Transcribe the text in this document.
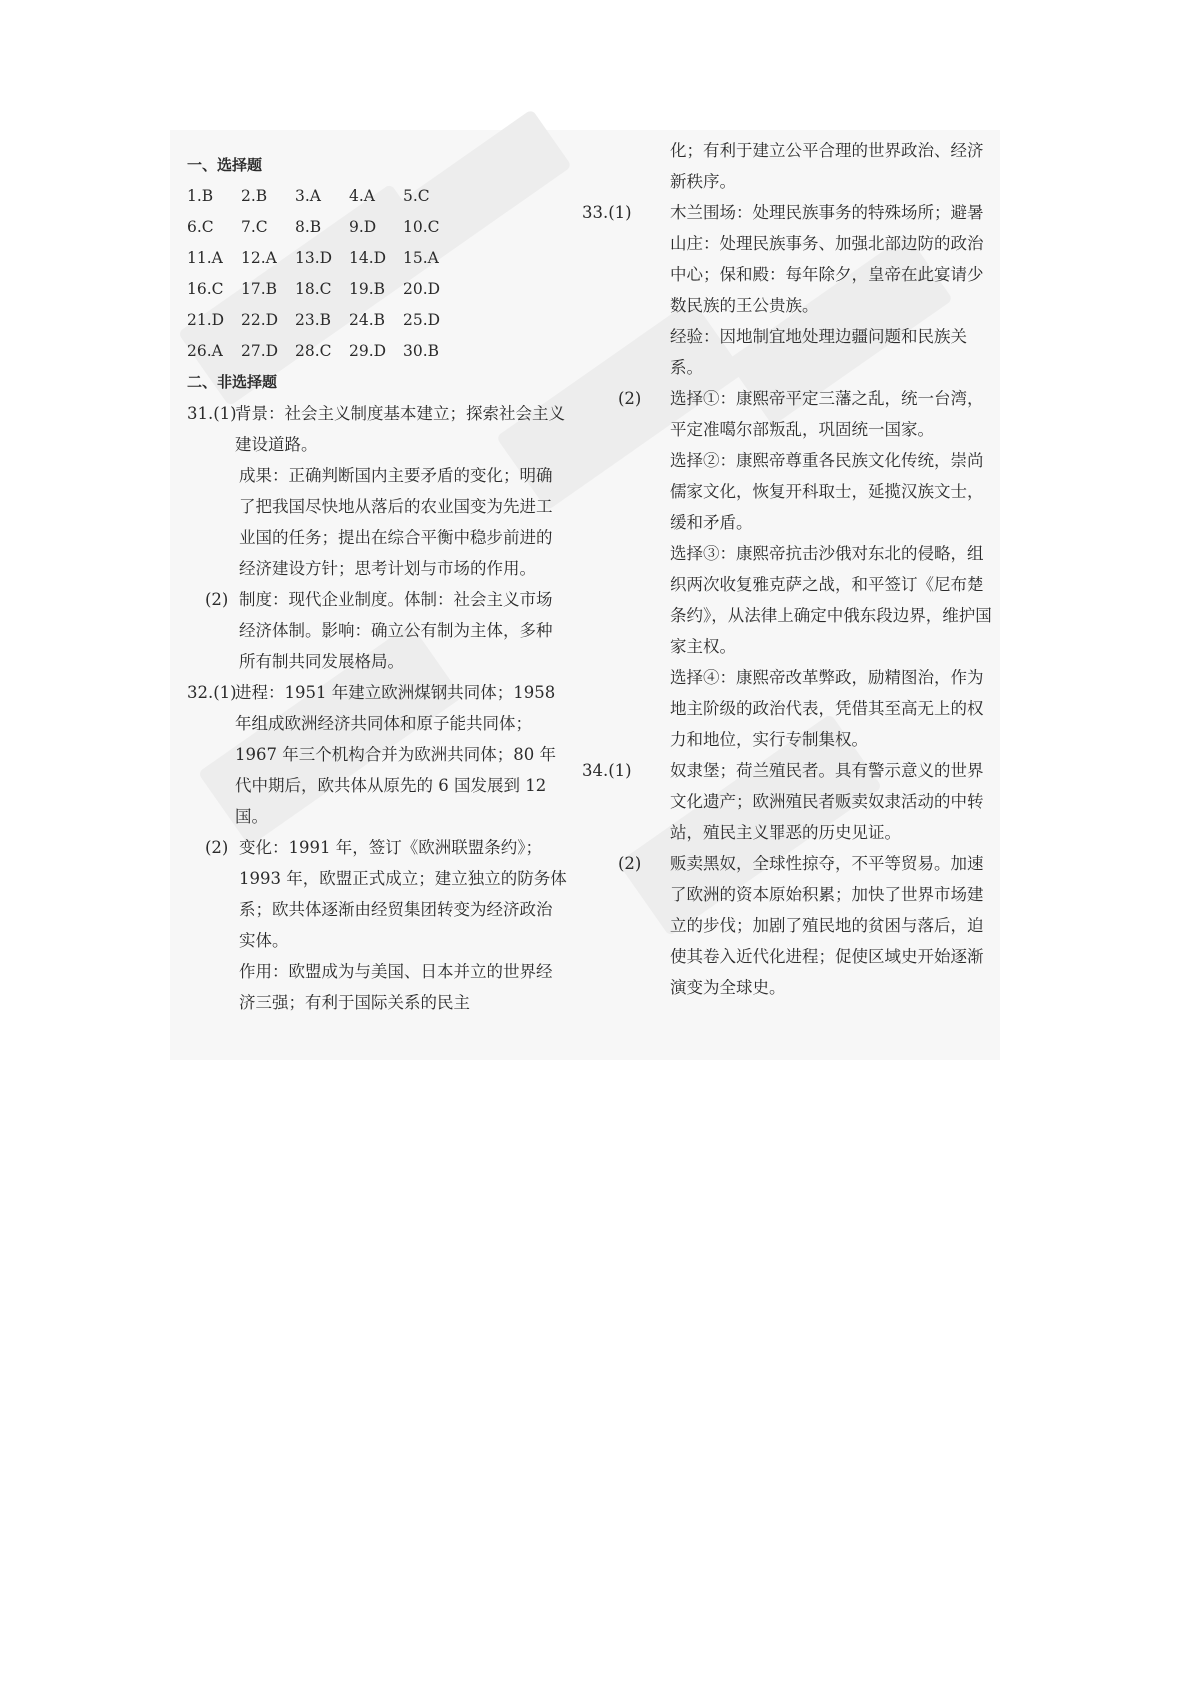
一、选择题
1.B	2.B	3.A	4.A	5.C
6.C	7.C	8.B	9.D	10.C
11.A	12.A	13.D	14.D	15.A
16.C	17.B	18.C	19.B	20.D
21.D	22.D	23.B	24.B	25.D
26.A	27.D	28.C	29.D	30.B
二、非选择题
31.(1)

背景：社会主义制度基本建立；探索社会主义建设道路。

成果：正确判断国内主要矛盾的变化；明确了把我国尽快地从落后的农业国变为先进工业国的任务；提出在综合平衡中稳步前进的经济建设方针；思考计划与市场的作用。

(2) 制度：现代企业制度。体制：社会主义市场经济体制。影响：确立公有制为主体，多种所有制共同发展格局。

32.(1)

进程：1951 年建立欧洲煤钢共同体；1958 年组成欧洲经济共同体和原子能共同体；1967 年三个机构合并为欧洲共同体；80 年代中期后，欧共体从原先的 6 国发展到 12 国。

(2) 变化：1991 年，签订《欧洲联盟条约》；1993 年，欧盟正式成立；建立独立的防务体系；欧共体逐渐由经贸集团转变为经济政治实体。

作用：欧盟成为与美国、日本并立的世界经济三强；有利于国际关系的民主

化；有利于建立公平合理的世界政治、经济新秩序。

33.(1) 木兰围场：处理民族事务的特殊场所；避暑山庄：处理民族事务、加强北部边防的政治中心；保和殿：每年除夕，皇帝在此宴请少数民族的王公贵族。

经验：因地制宜地处理边疆问题和民族关系。

(2) 选择①：康熙帝平定三藩之乱，统一台湾，平定准噶尔部叛乱，巩固统一国家。

选择②：康熙帝尊重各民族文化传统，崇尚儒家文化，恢复开科取士，延揽汉族文士，缓和矛盾。

选择③：康熙帝抗击沙俄对东北的侵略，组织两次收复雅克萨之战，和平签订《尼布楚条约》，从法律上确定中俄东段边界，维护国家主权。

选择④：康熙帝改革弊政，励精图治，作为地主阶级的政治代表，凭借其至高无上的权力和地位，实行专制集权。

34.(1) 奴隶堡；荷兰殖民者。具有警示意义的世界文化遗产；欧洲殖民者贩卖奴隶活动的中转站，殖民主义罪恶的历史见证。

(2) 贩卖黑奴，全球性掠夺，不平等贸易。加速了欧洲的资本原始积累；加快了世界市场建立的步伐；加剧了殖民地的贫困与落后，迫使其卷入近代化进程；促使区域史开始逐渐演变为全球史。
